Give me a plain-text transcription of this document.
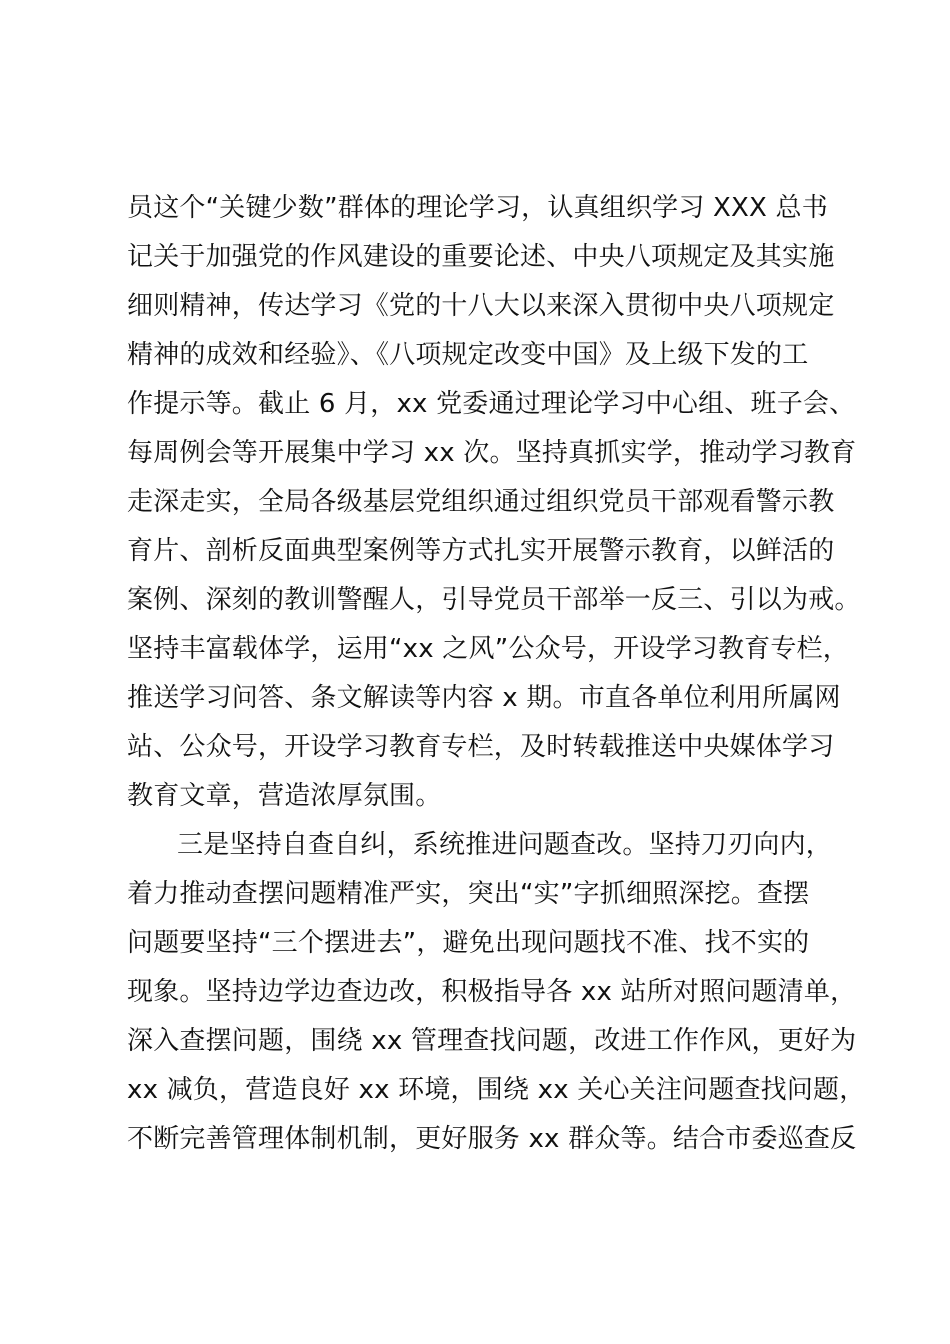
员这个“关键少数”群体的理论学习，认真组织学习 XXX 总书
记关于加强党的作风建设的重要论述、中央八项规定及其实施
细则精神，传达学习《党的十八大以来深入贯彻中央八项规定
精神的成效和经验》、《八项规定改变中国》及上级下发的工
作提示等。截止 6 月，xx 党委通过理论学习中心组、班子会、
每周例会等开展集中学习 xx 次。坚持真抓实学，推动学习教育
走深走实，全局各级基层党组织通过组织党员干部观看警示教
育片、剖析反面典型案例等方式扎实开展警示教育，以鲜活的
案例、深刻的教训警醒人，引导党员干部举一反三、引以为戒。
坚持丰富载体学，运用“xx 之风”公众号，开设学习教育专栏，
推送学习问答、条文解读等内容 x 期。市直各单位利用所属网
站、公众号，开设学习教育专栏，及时转载推送中央媒体学习
教育文章，营造浓厚氛围。
三是坚持自查自纠，系统推进问题查改。坚持刀刃向内，
着力推动查摆问题精准严实，突出“实”字抓细照深挖。查摆
问题要坚持“三个摆进去”，避免出现问题找不准、找不实的
现象。坚持边学边查边改，积极指导各 xx 站所对照问题清单，
深入查摆问题，围绕 xx 管理查找问题，改进工作作风，更好为
xx 减负，营造良好 xx 环境，围绕 xx 关心关注问题查找问题，
不断完善管理体制机制，更好服务 xx 群众等。结合市委巡查反
